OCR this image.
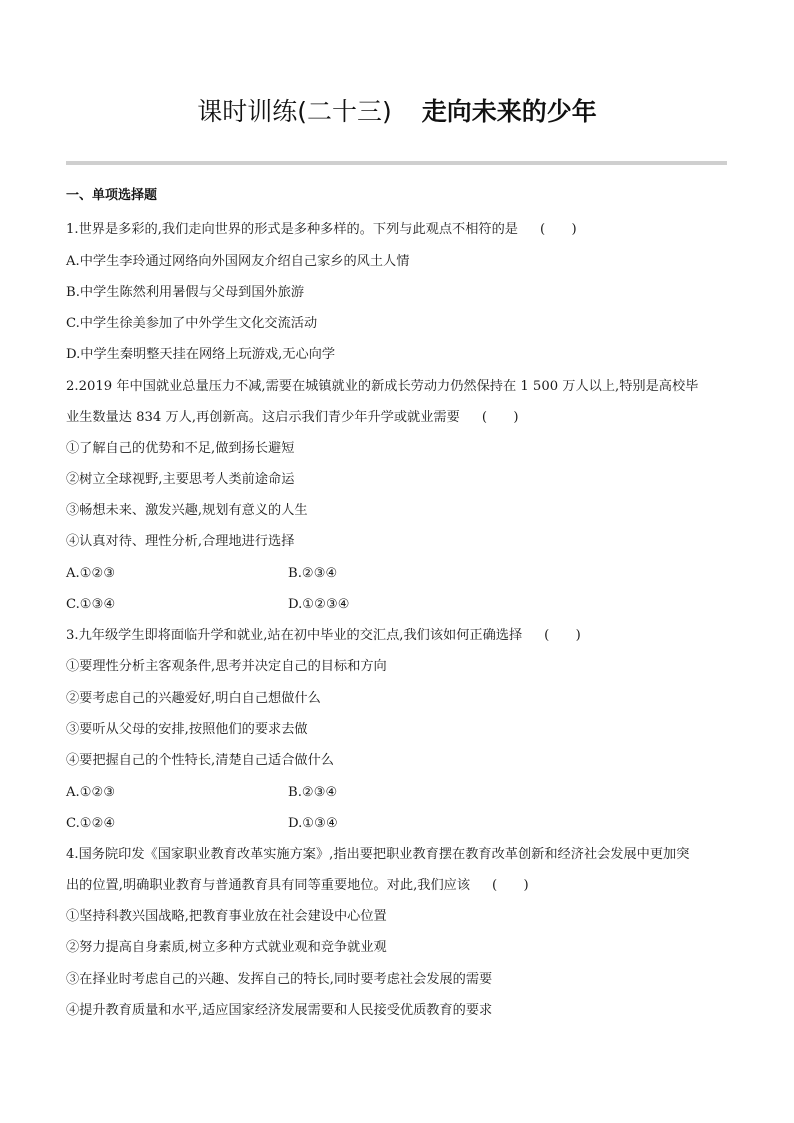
课时训练(二十三) 走向未来的少年
一、单项选择题
1.世界是多彩的,我们走向世界的形式是多种多样的。下列与此观点不相符的是 (　　)
A.中学生李玲通过网络向外国网友介绍自己家乡的风土人情
B.中学生陈然利用暑假与父母到国外旅游
C.中学生徐美参加了中外学生文化交流活动
D.中学生秦明整天挂在网络上玩游戏,无心向学
2.2019 年中国就业总量压力不减,需要在城镇就业的新成长劳动力仍然保持在 1 500 万人以上,特别是高校毕
业生数量达 834 万人,再创新高。这启示我们青少年升学或就业需要 (　　)
①了解自己的优势和不足,做到扬长避短
②树立全球视野,主要思考人类前途命运
③畅想未来、激发兴趣,规划有意义的人生
④认真对待、理性分析,合理地进行选择
A.①②③	B.②③④
C.①③④	D.①②③④
3.九年级学生即将面临升学和就业,站在初中毕业的交汇点,我们该如何正确选择 (　　)
①要理性分析主客观条件,思考并决定自己的目标和方向
②要考虑自己的兴趣爱好,明白自己想做什么
③要听从父母的安排,按照他们的要求去做
④要把握自己的个性特长,清楚自己适合做什么
A.①②③	B.②③④
C.①②④	D.①③④
4.国务院印发《国家职业教育改革实施方案》,指出要把职业教育摆在教育改革创新和经济社会发展中更加突
出的位置,明确职业教育与普通教育具有同等重要地位。对此,我们应该 (　　)
①坚持科教兴国战略,把教育事业放在社会建设中心位置
②努力提高自身素质,树立多种方式就业观和竞争就业观
③在择业时考虑自己的兴趣、发挥自己的特长,同时要考虑社会发展的需要
④提升教育质量和水平,适应国家经济发展需要和人民接受优质教育的要求
